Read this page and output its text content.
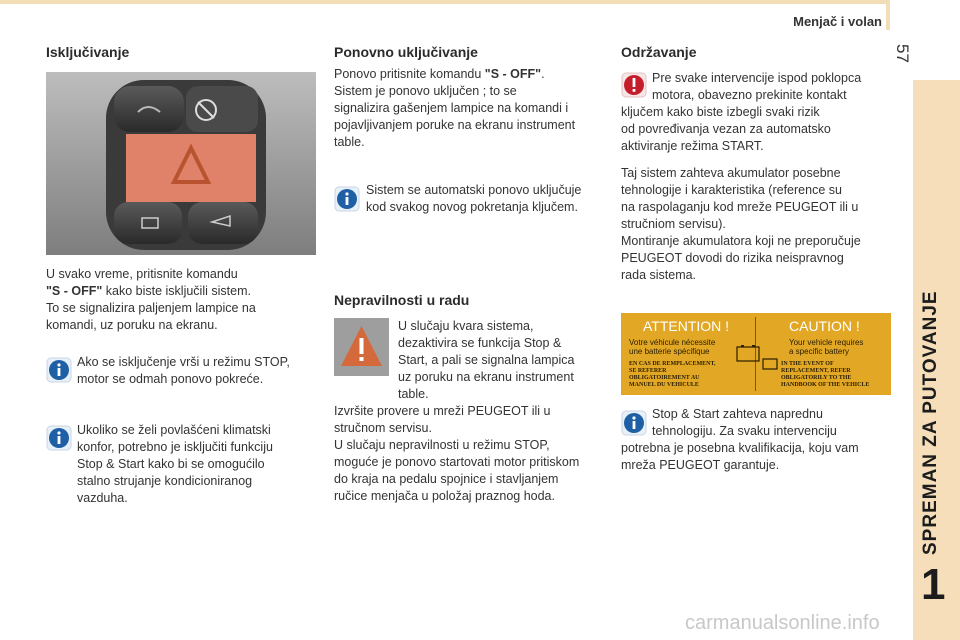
Menjač i volan
57
SPREMAN ZA PUTOVANJE
1
Isključivanje

U svako vreme, pritisnite komandu
"S - OFF" kako biste isključili sistem.
To se signalizira paljenjem lampice na
komandi, uz poruku na ekranu.

Ako se isključenje vrši u režimu STOP,
motor se odmah ponovo pokreće.

Ukoliko se želi povlašćeni klimatski
konfor, potrebno je isključiti funkciju
Stop & Start kako bi se omogućilo
stalno strujanje kondicioniranog
vazduha.

Ponovno uključivanje

Ponovo pritisnite komandu "S - OFF".
Sistem je ponovo uključen ; to se
signalizira gašenjem lampice na komandi i
pojavljivanjem poruke na ekranu instrument
table.

Sistem se automatski ponovo uključuje
kod svakog novog pokretanja ključem.

Nepravilnosti u radu

U slučaju kvara sistema,
dezaktivira se funkcija Stop &
Start, a pali se signalna lampica
uz poruku na ekranu instrument
table.

Izvršite provere u mreži PEUGEOT ili u
stručnom servisu.
U slučaju nepravilnosti u režimu STOP,
moguće je ponovo startovati motor pritiskom
do kraja na pedalu spojnice i stavljanjem
ručice menjača u položaj praznog hoda.

Održavanje

Pre svake intervencije ispod poklopca
motora, obavezno prekinite kontakt
ključem kako biste izbegli svaki rizik
od povređivanja vezan za automatsko
aktiviranje režima START.

Taj sistem zahteva akumulator posebne
tehnologije i karakteristika (reference su
na raspolaganju kod mreže PEUGEOT ili u
stručniom servisu).
Montiranje akumulatora koji ne preporučuje
PEUGEOT dovodi do rizika neispravnog
rada sistema.

ATTENTION !	CAUTION !
Votre véhicule nécessite
une batterie spécifique
Your vehicle requires
a specific battery
EN CAS DE REMPLACEMENT,
SE REFERER
OBLIGATOIREMENT AU
MANUEL DU VEHICULE
IN THE EVENT OF
REPLACEMENT, REFER
OBLIGATORILY TO THE
HANDBOOK OF THE VEHICLE

Stop & Start zahteva naprednu
tehnologiju. Za svaku intervenciju
potrebna je posebna kvalifikacija, koju vam
mreža PEUGEOT garantuje.

carmanualsonline.info
